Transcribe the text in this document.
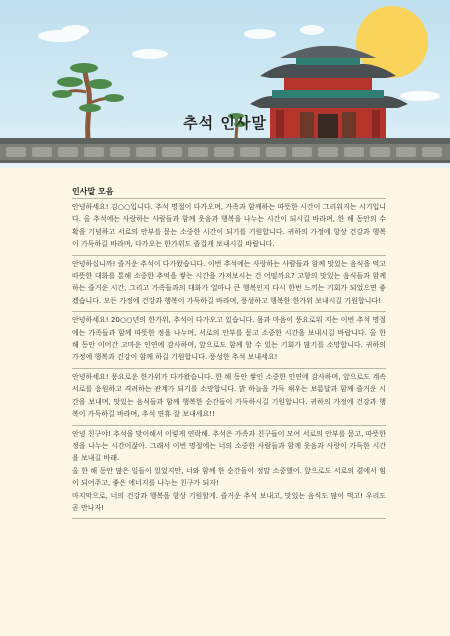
추석 인사말
인사말 모음
안녕하세요! 김○○입니다. 추석 명절이 다가오며, 가족과 함께하는 따뜻한 시간이 그리워지는 시기입니다. 올 추석에는 사랑하는 사람들과 함께 웃음과 행복을 나누는 시간이 되시길 바라며, 한 해 동안의 수확을 기념하고 서로의 안부를 묻는 소중한 시간이 되기를 기원합니다. 귀하의 가정에 항상 건강과 행복이 가득하길 바라며, 다가오는 한가위도 즐겁게 보내시길 바랍니다.
안녕하십니까! 즐거운 추석이 다가왔습니다. 이번 추석에는 사랑하는 사람들과 함께 맛있는 음식을 먹고 따뜻한 대화를 통해 소중한 추억을 쌓는 시간을 가져보시는 건 어떨까요? 고향의 맛있는 음식들과 함께 하는 즐거운 시간, 그리고 가족들과의 대화가 얼마나 큰 행복인지 다시 한번 느끼는 기회가 되었으면 좋겠습니다. 모든 가정에 건강과 행복이 가득하길 바라며, 풍성하고 행복한 한가위 보내시길 기원합니다!
안녕하세요! 20○○년의 한가위, 추석이 다가오고 있습니다. 몸과 마음이 풍요로워 지는 이번 추석 명절에는 가족들과 함께 따뜻한 정을 나누며, 서로의 안부를 묻고 소중한 시간을 보내시길 바랍니다. 올 한 해 동안 이어간 고마운 인연에 감사하며, 앞으로도 함께 할 수 있는 기회가 많기를 소망합니다. 귀하의 가정에 행복과 건강이 함께 하길 기원합니다. 풍성한 추석 보내세요!
안녕하세요! 풍요로운 한가위가 다가왔습니다. 한 해 동안 쌓인 소중한 인연에 감사하며, 앞으로도 계속 서로를 응원하고 격려하는 관계가 되기를 소망합니다. 밝 하늘을 가득 채우는 보름달과 함께 즐거운 시간을 보내며, 맛있는 음식들과 함께 행복한 순간들이 가득하시길 기원합니다. 귀하의 가정에 건강과 행복이 가득하길 바라며, 추석 연휴 잘 보내세요!!
안녕 친구야! 추석을 맞이해서 이렇게 연락해. 추석은 가족과 친구들이 모여 서로의 안부를 묻고, 따뜻한 정을 나누는 시간이잖아. 그래서 이번 명절에는 너의 소중한 사람들과 함께 웃음과 사랑이 가득한 시간을 보내길 바래.
올 한 해 동안 많은 일들이 있었지만, 너와 함께 한 순간들이 정말 소중했어. 앞으로도 서로의 곁에서 힘이 되어주고, 좋은 에너지를 나누는 친구가 되자!
마지막으로, 너의 건강과 행복을 항상 기원할게. 즐거운 추석 보내고, 맛있는 음식도 많이 먹고! 우리도 곧 만나자!
